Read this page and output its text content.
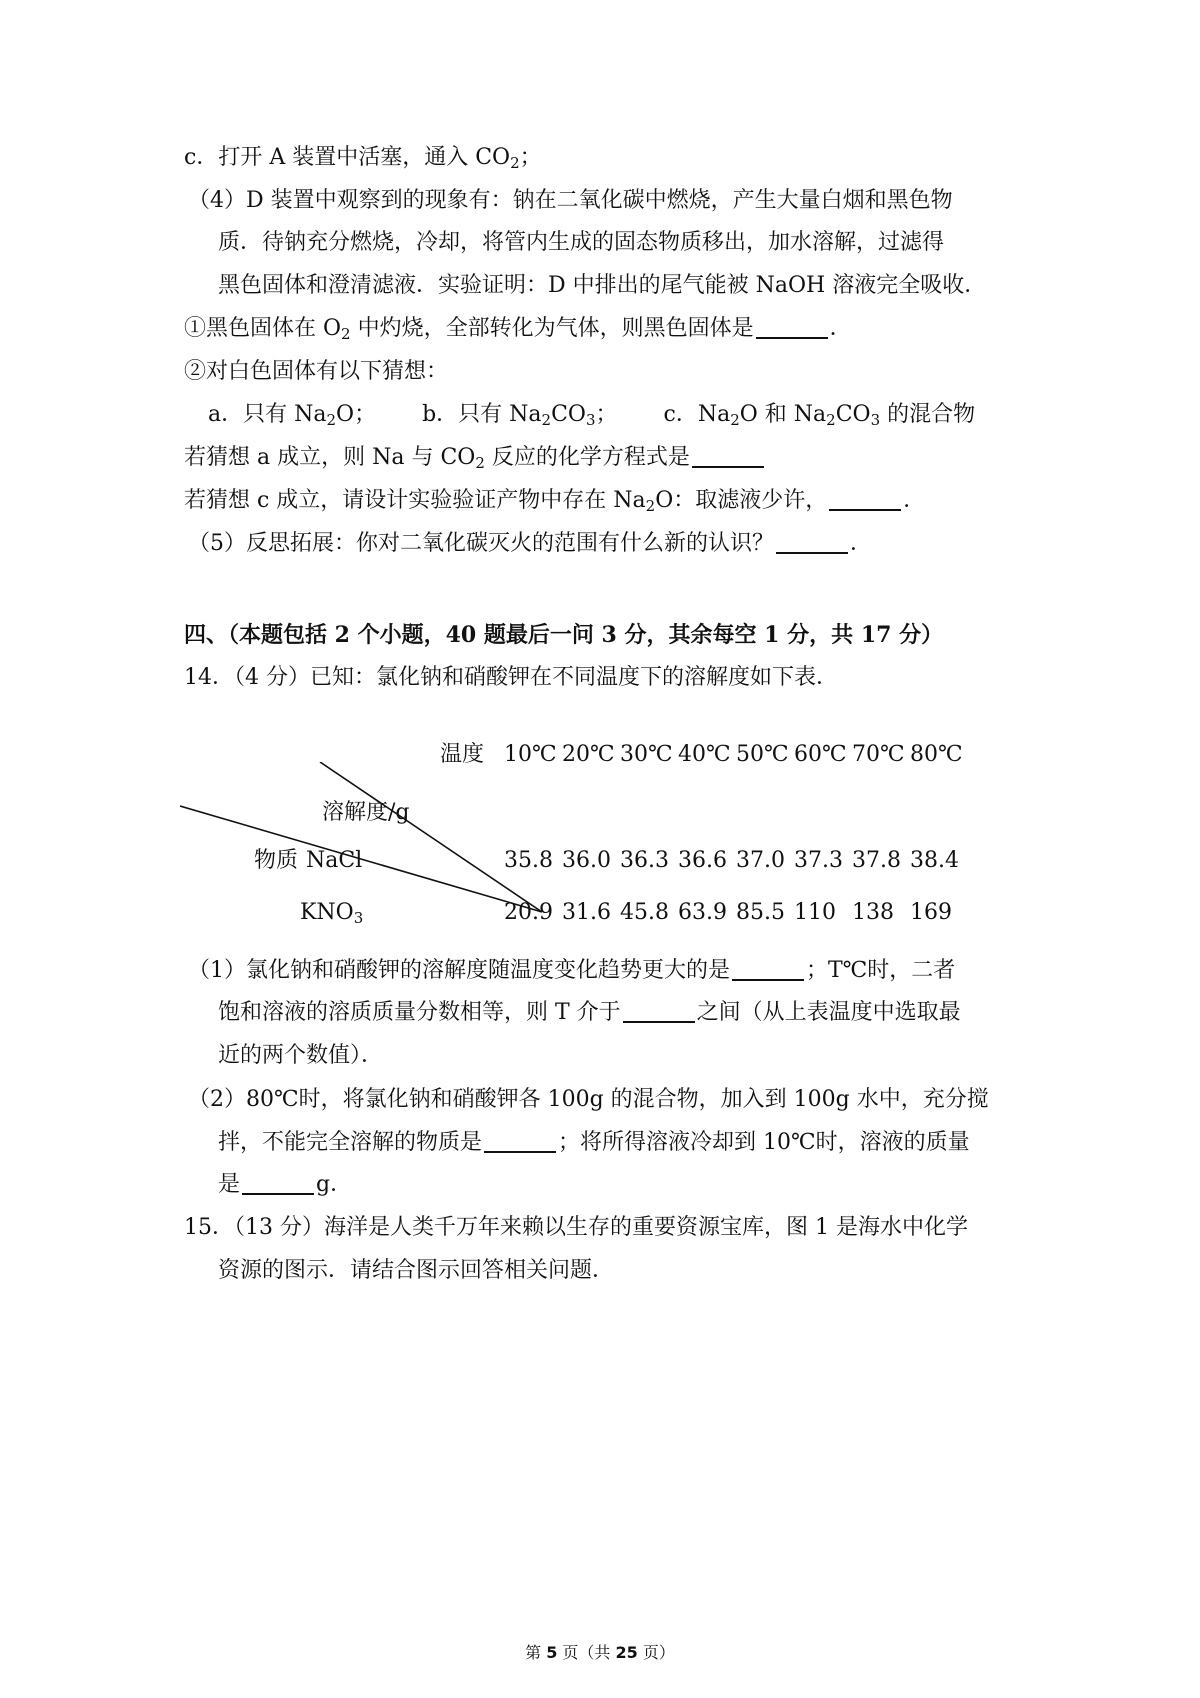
c．打开 A 装置中活塞，通入 $CO_2$；
（4）D 装置中观察到的现象有：钠在二氧化碳中燃烧，产生大量白烟和黑色物
质．待钠充分燃烧，冷却，将管内生成的固态物质移出，加水溶解，过滤得
黑色固体和澄清滤液．实验证明：D 中排出的尾气能被 NaOH 溶液完全吸收．
①黑色固体在 $O_2$ 中灼烧，全部转化为气体，则黑色固体是	．
②对白色固体有以下猜想：
a．只有 $Na_2O$； b．只有 $Na_2CO_3$； c．$Na_2O$ 和 $Na_2CO_3$ 的混合物
若猜想 a 成立，则 Na 与 $CO_2$ 反应的化学方程式是
若猜想 c 成立，请设计实验验证产物中存在 $Na_2O$：取滤液少许，	．
（5）反思拓展：你对二氧化碳灭火的范围有什么新的认识？	．
四、（本题包括 2 个小题，40 题最后一问 3 分，其余每空 1 分，共 17 分）
14．（4 分）已知：氯化钠和硝酸钾在不同温度下的溶解度如下表．
温度
溶解度/g
物质
10℃ 20℃ 30℃ 40℃ 50℃ 60℃ 70℃ 80℃
NaCl	35.8 36.0 36.3 36.6 37.0 37.3 37.8 38.4
$KNO_3$	20.9 31.6 45.8 63.9 85.5 110 138 169
（1）氯化钠和硝酸钾的溶解度随温度变化趋势更大的是	；T℃时，二者
饱和溶液的溶质质量分数相等，则 T 介于	之间（从上表温度中选取最
近的两个数值）．
（2）80℃时，将氯化钠和硝酸钾各 100g 的混合物，加入到 100g 水中，充分搅
拌，不能完全溶解的物质是	；将所得溶液冷却到 10℃时，溶液的质量
是	g．
15．（13 分）海洋是人类千万年来赖以生存的重要资源宝库，图 1 是海水中化学
资源的图示．请结合图示回答相关问题．
第 5 页（共 25 页）
